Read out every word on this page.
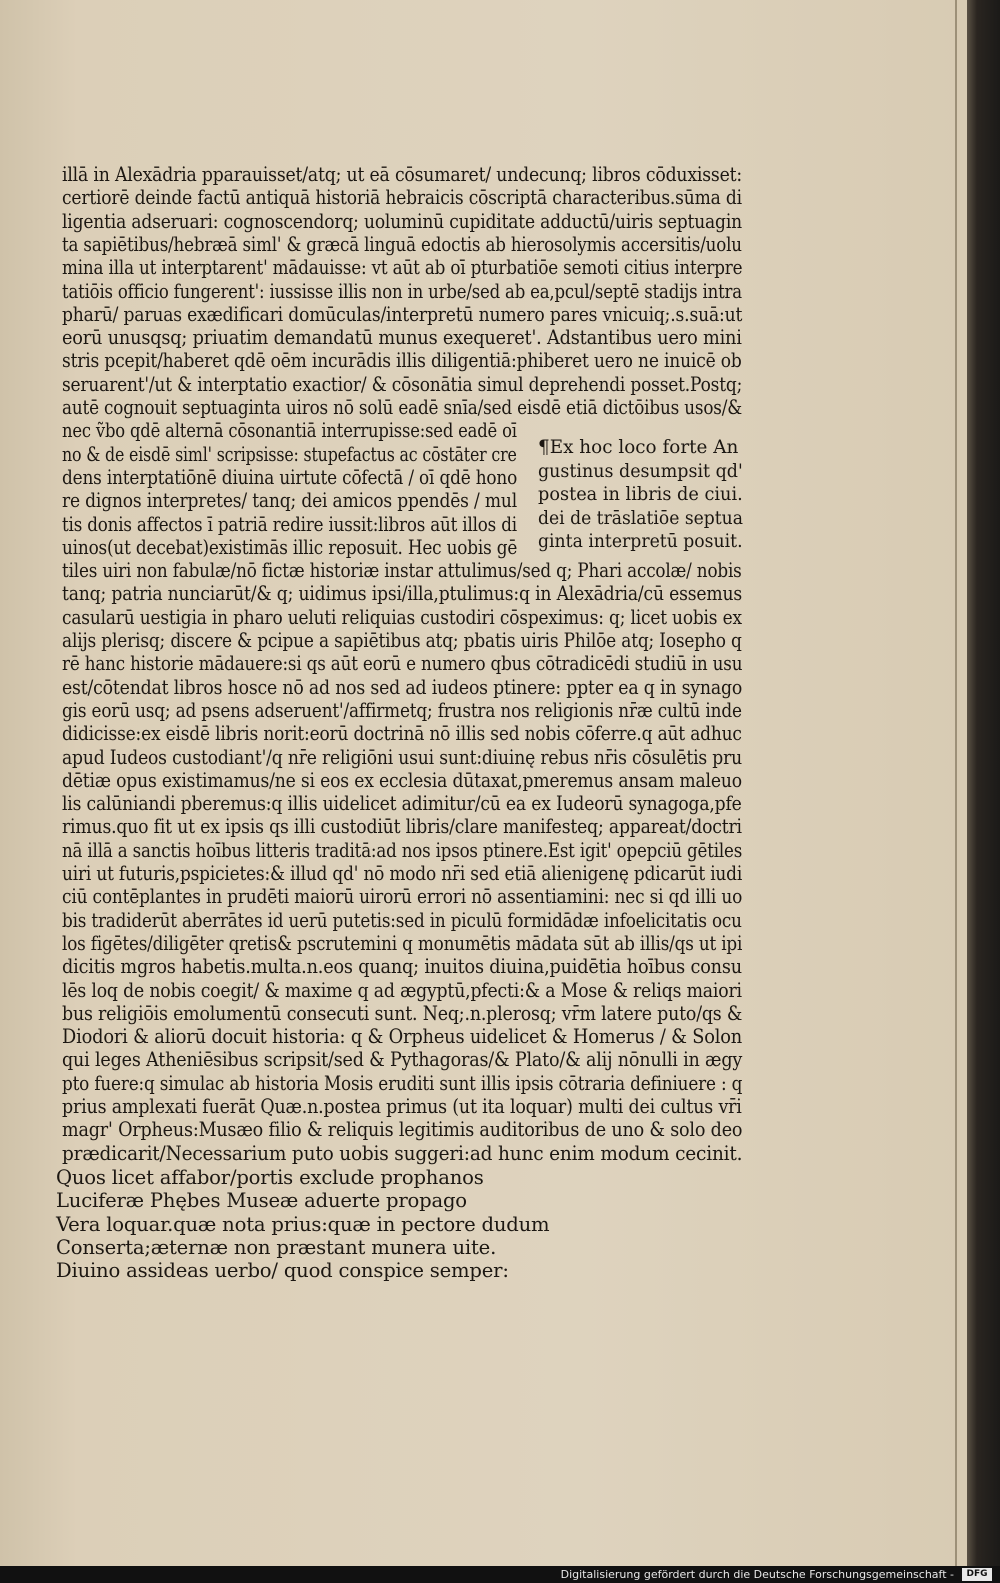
illā in Alexādria pparauisset/atq; ut eā cōsumaret/ undecunq; libros cōduxisset:
certiorē deinde factū antiquā historiā hebraicis cōscriptā characteribus.sūma di
ligentia adseruari: cognoscendorq; uoluminū cupiditate adductū/uiris septuagin
ta sapiētibus/hebræā siml' & græcā linguā edoctis ab hierosolymis accersitis/uolu
mina illa ut interptarent' mādauisse: vt aūt ab oī pturbatiōe semoti citius interpre
tatiōis officio fungerent': iussisse illis non in urbe/sed ab ea,pcul/septē stadijs intra
pharū/ paruas exædificari domūculas/interpretū numero pares vnicuiq;.s.suā:ut
eorū unusqsq; priuatim demandatū munus exequeret'. Adstantibus uero mini
stris pcepit/haberet qdē oēm incurādis illis diligentiā:phiberet uero ne inuicē ob
seruarent'/ut & interptatio exactior/ & cōsonātia simul deprehendi posset.Postq;
autē cognouit septuaginta uiros nō solū eadē snīa/sed eisdē etiā dictōibus usos/&
nec ṽbo qdē alternā cōsonantiā interrupisse:sed eadē oī
no & de eisdē siml' scripsisse: stupefactus ac cōstāter cre
dens interptatiōnē diuina uirtute cōfectā / oī qdē hono
re dignos interpretes/ tanq; dei amicos ppendēs / mul
tis donis affectos ī patriā redire iussit:libros aūt illos di
uinos(ut decebat)existimās illic reposuit. Hec uobis gē
tiles uiri non fabulæ/nō fictæ historiæ instar attulimus/sed q; Phari accolæ/ nobis
tanq; patria nunciarūt/& q; uidimus ipsi/illa,ptulimus:q in Alexādria/cū essemus
casularū uestigia in pharo ueluti reliquias custodiri cōspeximus: q; licet uobis ex
alijs plerisq; discere & pcipue a sapiētibus atq; pbatis uiris Philōe atq; Iosepho q
rē hanc historie mādauere:si qs aūt eorū e numero qbus cōtradicēdi studiū in usu
est/cōtendat libros hosce nō ad nos sed ad iudeos ptinere: ppter ea q in synago
gis eorū usq; ad psens adseruent'/affirmetq; frustra nos religionis nr̄æ cultū inde
didicisse:ex eisdē libris norit:eorū doctrinā nō illis sed nobis cōferre.q aūt adhuc
apud Iudeos custodiant'/q nr̄e religiōni usui sunt:diuinę rebus nr̄is cōsulētis pru
dētiæ opus existimamus/ne si eos ex ecclesia dūtaxat,pmeremus ansam maleuo
lis calūniandi pberemus:q illis uidelicet adimitur/cū ea ex Iudeorū synagoga,pfe
rimus.quo fit ut ex ipsis qs illi custodiūt libris/clare manifesteq; appareat/doctri
nā illā a sanctis hoībus litteris traditā:ad nos ipsos ptinere.Est igit' opepciū gētiles
uiri ut futuris,pspicietes:& illud qd' nō modo nr̄i sed etiā alienigenę pdicarūt iudi
ciū contēplantes in prudēti maiorū uirorū errori nō assentiamini: nec si qd illi uo
bis tradiderūt aberrātes id uerū putetis:sed in piculū formidādæ infoelicitatis ocu
los figētes/diligēter qretis& pscrutemini q monumētis mādata sūt ab illis/qs ut ipi
dicitis mgros habetis.multa.n.eos quanq; inuitos diuina,puidētia hoībus consu
lēs loq de nobis coegit/ & maxime q ad ægyptū,pfecti:& a Mose & reliqs maiori
bus religiōis emolumentū consecuti sunt. Neq;.n.plerosq; vr̄m latere puto/qs &
Diodori & aliorū docuit historia: q & Orpheus uidelicet & Homerus / & Solon
qui leges Atheniēsibus scripsit/sed & Pythagoras/& Plato/& alij nōnulli in ægy
pto fuere:q simulac ab historia Mosis eruditi sunt illis ipsis cōtraria definiuere : q
prius amplexati fuerāt Quæ.n.postea primus (ut ita loquar) multi dei cultus vr̄i
magr' Orpheus:Musæo filio & reliquis legitimis auditoribus de uno & solo deo
prædicarit/Necessarium puto uobis suggeri:ad hunc enim modum cecinit.
¶Ex hoc loco forte An
gustinus desumpsit qd'
postea in libris de ciui.
dei de trāslatiōe septua
ginta interpretū posuit.
Quos licet affabor/portis exclude prophanos
Luciferæ Phębes Museæ aduerte propago
Vera loquar.quæ nota prius:quæ in pectore dudum
Conserta;æternæ non præstant munera uite.
Diuino assideas uerbo/ quod conspice semper:
Digitalisierung gefördert durch die Deutsche Forschungsgemeinschaft -	DFG
